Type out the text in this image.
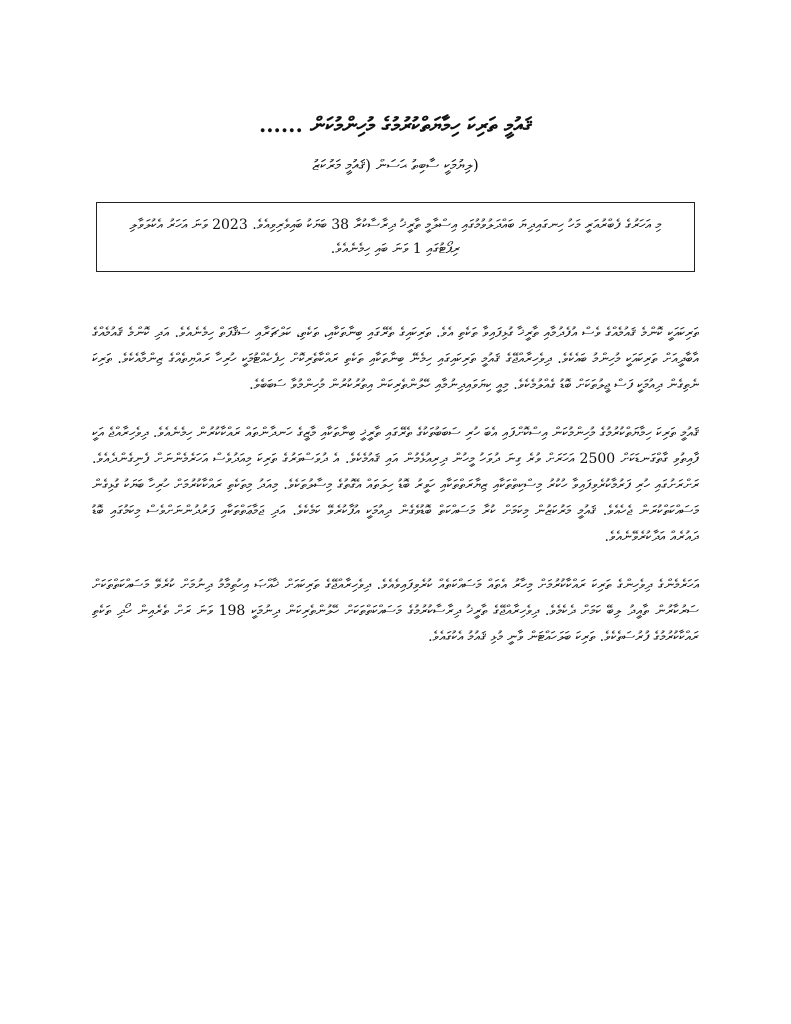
ޤައުމީ ތަރިކަ ހިމާޔަތްކުރުމުގެ މުހިންމުކަން ......
(ލިޔުމަކީ ސާބިތު ޙަސަން (ޤައުމީ މަރުކަޒު
މި އަހަރުގެ ފެބްރުއަރީ މަހު ހިނގައިދިޔަ ބައްދަލުވުމުގައި އިސްލާމީ ތާރީޚު ދިރާސާކުރާ 38 ބަޔަކު ބައިވެރިވިއެވެ. 2023 ވަނަ އަހަރު އެކުލަވާލި ރިޕޯޓުގައި 1 ވަނަ ބައި ހިމެނެއެވެ.

ތަރިކައަކީ ކޮންމެ ޤައުމެއްގެ ވެސް އުފެދުމާއި ތާރީޚާ ގުޅިފައިވާ ތަކެތި އެވެ. ތަރިކައިގެ ތެރޭގައި ބިނާތަކާއި، ތަކެތި، ކަލްޗަރާއި ސަޤާފަތް ހިމެނެއެވެ. އަދި ކޮންމެ ޤައުމެއްގެ އާބާދީއަށް ތަރިކައަކީ މުހިންމު ބައެކެވެ. ދިވެހިރާއްޖޭގެ ޤައުމީ ތަރިކައިގައި ހިމެނޭ ބިނާތަކާއި ތަކެތި ރައްކާތެރިކޮށް ހިފެހެއްޓުމަކީ ހުރިހާ ރައްޔިތެއްގެ ޒިންމާއެކެވެ. ތަރިކަ ނެތިގެން ދިއުމަކީ ފަސް ޖީލުތަކަށް ބޮޑު ގެއްލުމެކެވެ. މިއީ ކިޔަވައިދިނުމާއި ހޭލުންތެރިކަން އިތުރުކުރުން މުހިންމުވާ ސަބަބެވެ.

ޤައުމީ ތަރިކަ ހިމާޔަތްކުރުމުގެ މުހިންމުކަން އިސްކޮށްފައި އެބަ ހުރި ސަބަބުތަކުގެ ތެރޭގައި ތާރީޚީ ބިނާތަކާއި މާޒީގެ ހަނދާންތައް ރައްކާކުރުން ހިމެނެއެވެ. ދިވެހިރާއްޖެ އަކީ ފާއިތުވި ގާތްގަނޑަކަށް 2500 އަހަރަށް ވުރެ ގިނަ ދުވަހު މީހުން ދިރިއުޅެމުން އައި ޤައުމެކެވެ. އެ ދުވަސްވަރުގެ ތަރިކަ މިއަދުވެސް އަހަރެމެންނަށް ފެނިގެންދެއެވެ. ރަށްރަށުގައި ހުރި ފަރުމާކުރެވިފައިވާ ހުކުރު މިސްކިތްތަކާއި ޒިޔާރަތްތަކާއި ހަވީރު ބޮޑު ހިލަތައް އެގޮތުގެ މިސާލުތަކެވެ. މިއަދު މިތަކެތި ރައްކާކުރުމަށް ހުރިހާ ބަޔަކު ގުޅިގެން މަސައްކަތްކުރަން ޖެހެއެވެ. ޤައުމީ މަރުކަޒުން މިކަމަށް ކުރާ މަސައްކަތް ބޮޑުވެގެން ދިއުމަކީ އުފާކުރެވޭ ކަމެކެވެ. އަދި ޖަމާޢަތްތަކާއި ފަރުދުންނަށްވެސް މިކަމުގައި ބޮޑު ދައުރެއް އަދާކުރެވޭނެއެވެ.

އަހަރެމެންގެ ދިވެހިންގެ ތަރިކަ ރައްކާކުރުމަށް މިހާރު އެތައް މަސައްކަތެއް ކުރެވިފައިވެއެވެ. ދިވެހިރާއްޖޭގެ ތަރިކައަށް ޚާއްޞަ އިހުތިމާމު ދިނުމަށް ކުރެވޭ މަސައްކަތްތަކަށް ސަރުކާރުން ތާއީދު ލިބޭ ކަމަށް ދެކެމެވެ. ދިވެހިރާއްޖޭގެ ތާރީޚު ދިރާސާކުރުމުގެ މަސައްކަތްތަކަށް ހޭލުންތެރިކަން ދިނުމަކީ 198 ވަނަ ރަށް ތެރެއިން ހޯދި ތަކެތި ރައްކާކުރުމުގެ ފުރުސަތެކެވެ. ތަރިކަ ބަލަހައްޓަން ވާނީ މުޅި ޤައުމު އެކުގައެވެ.
